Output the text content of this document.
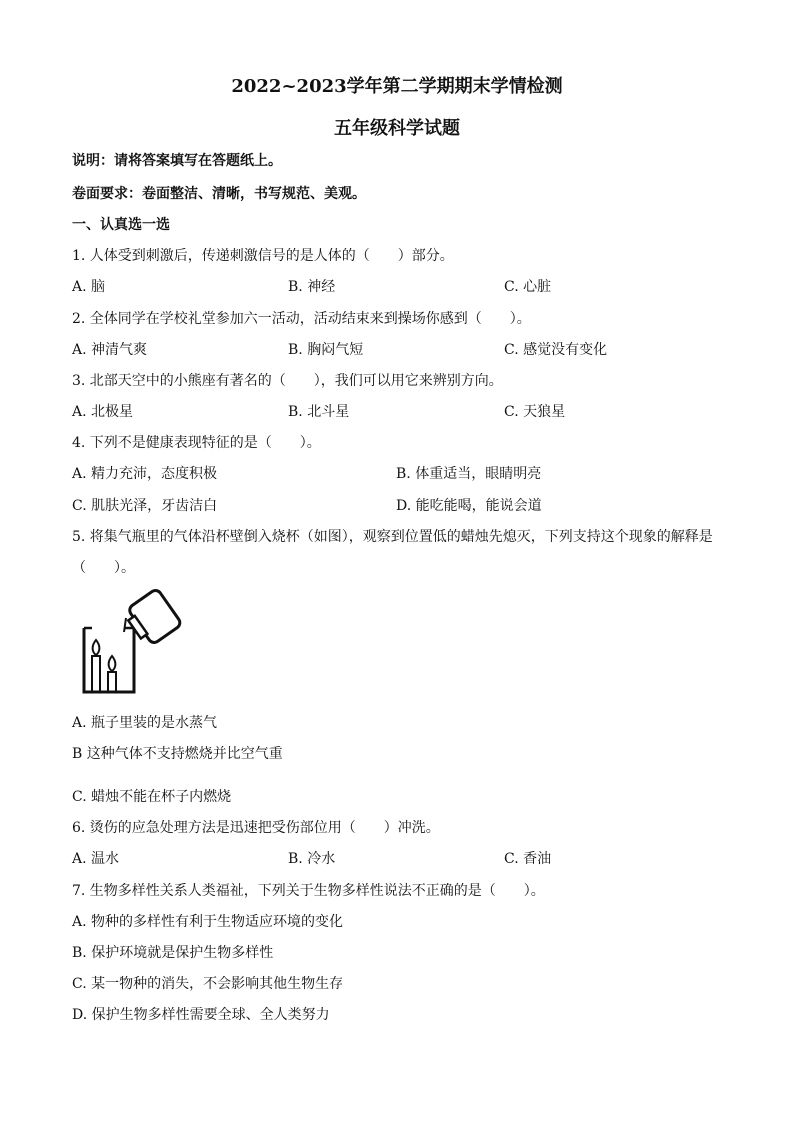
2022~2023学年第二学期期末学情检测
五年级科学试题
说明：请将答案填写在答题纸上。
卷面要求：卷面整洁、清晰，书写规范、美观。
一、认真选一选
1. 人体受到刺激后，传递刺激信号的是人体的（　　）部分。
A. 脑	B. 神经	C. 心脏
2. 全体同学在学校礼堂参加六一活动，活动结束来到操场你感到（　　）。
A. 神清气爽	B. 胸闷气短	C. 感觉没有变化
3. 北部天空中的小熊座有著名的（　　），我们可以用它来辨别方向。
A. 北极星	B. 北斗星	C. 天狼星
4. 下列不是健康表现特征的是（　　）。
A. 精力充沛，态度积极	B. 体重适当，眼睛明亮
C. 肌肤光泽，牙齿洁白	D. 能吃能喝，能说会道
5. 将集气瓶里的气体沿杯壁倒入烧杯（如图），观察到位置低的蜡烛先熄灭，下列支持这个现象的解释是
（　　）。
A. 瓶子里装的是水蒸气
B 这种气体不支持燃烧并比空气重
C. 蜡烛不能在杯子内燃烧
6. 烫伤的应急处理方法是迅速把受伤部位用（　　）冲洗。
A. 温水	B. 冷水	C. 香油
7. 生物多样性关系人类福祉，下列关于生物多样性说法不正确的是（　　）。
A. 物种的多样性有利于生物适应环境的变化
B. 保护环境就是保护生物多样性
C. 某一物种的消失，不会影响其他生物生存
D. 保护生物多样性需要全球、全人类努力
